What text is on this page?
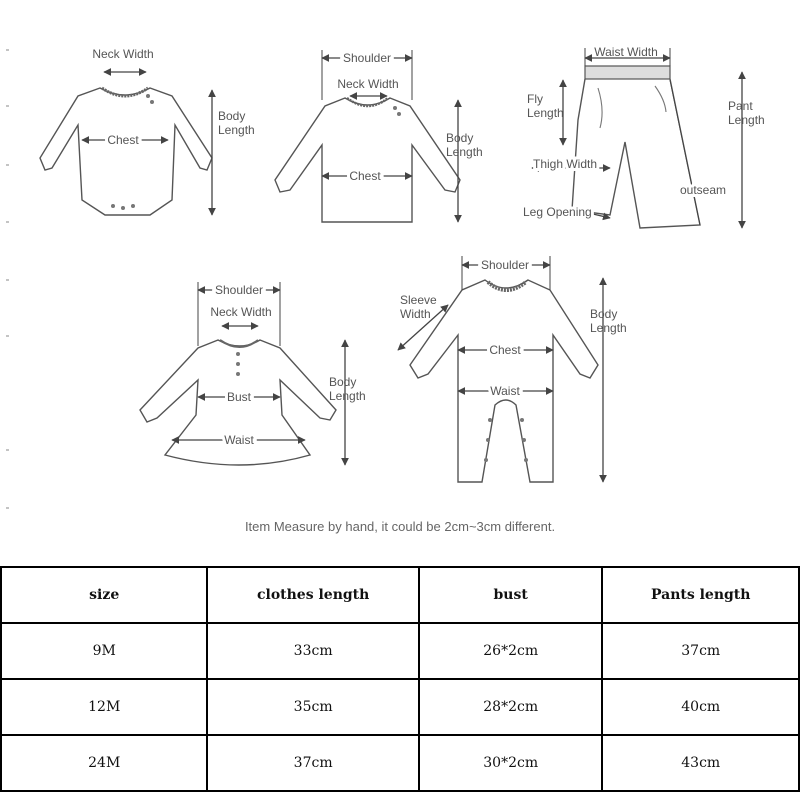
Neck Width
Chest
Body Length
Shoulder
Neck Width
Chest
Body Length
Waist Width
Fly Length
Thigh Width
outseam
Leg Opening
Pant Length
Shoulder
Neck Width
Bust
Waist
Body Length
Shoulder
Sleeve Width
Chest
Waist
Body Length
Item Measure by hand, it could be 2cm~3cm different.
size	clothes length	bust	Pants length
9M	33cm	26*2cm	37cm
12M	35cm	28*2cm	40cm
24M	37cm	30*2cm	43cm
